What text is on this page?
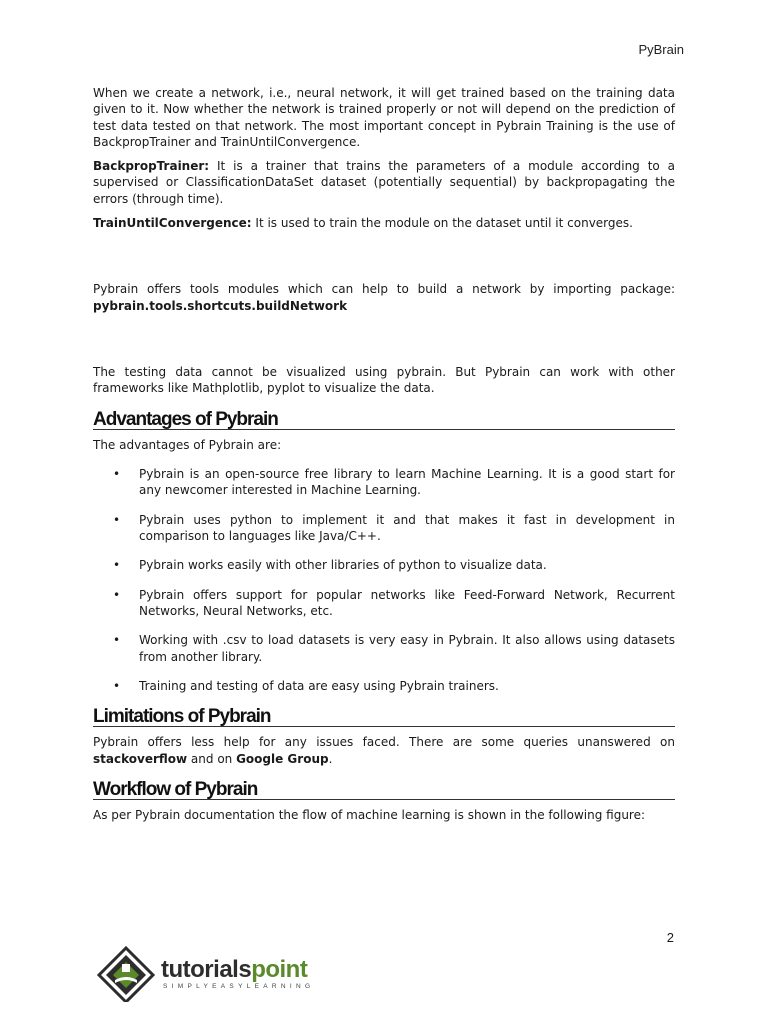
PyBrain

When we create a network, i.e., neural network, it will get trained based on the training data given to it. Now whether the network is trained properly or not will depend on the prediction of test data tested on that network. The most important concept in Pybrain Training is the use of BackpropTrainer and TrainUntilConvergence.

BackpropTrainer: It is a trainer that trains the parameters of a module according to a supervised or ClassificationDataSet dataset (potentially sequential) by backpropagating the errors (through time).

TrainUntilConvergence: It is used to train the module on the dataset until it converges.

Pybrain offers tools modules which can help to build a network by importing package: pybrain.tools.shortcuts.buildNetwork

The testing data cannot be visualized using pybrain. But Pybrain can work with other frameworks like Mathplotlib, pyplot to visualize the data.

Advantages of Pybrain

The advantages of Pybrain are:

• Pybrain is an open-source free library to learn Machine Learning. It is a good start for any newcomer interested in Machine Learning.
• Pybrain uses python to implement it and that makes it fast in development in comparison to languages like Java/C++.
• Pybrain works easily with other libraries of python to visualize data.
• Pybrain offers support for popular networks like Feed-Forward Network, Recurrent Networks, Neural Networks, etc.
• Working with .csv to load datasets is very easy in Pybrain. It also allows using datasets from another library.
• Training and testing of data are easy using Pybrain trainers.
Limitations of Pybrain

Pybrain offers less help for any issues faced. There are some queries unanswered on stackoverflow and on Google Group.

Workflow of Pybrain

As per Pybrain documentation the flow of machine learning is shown in the following figure:

2
tutorialspoint
SIMPLYEASYLEARNING
